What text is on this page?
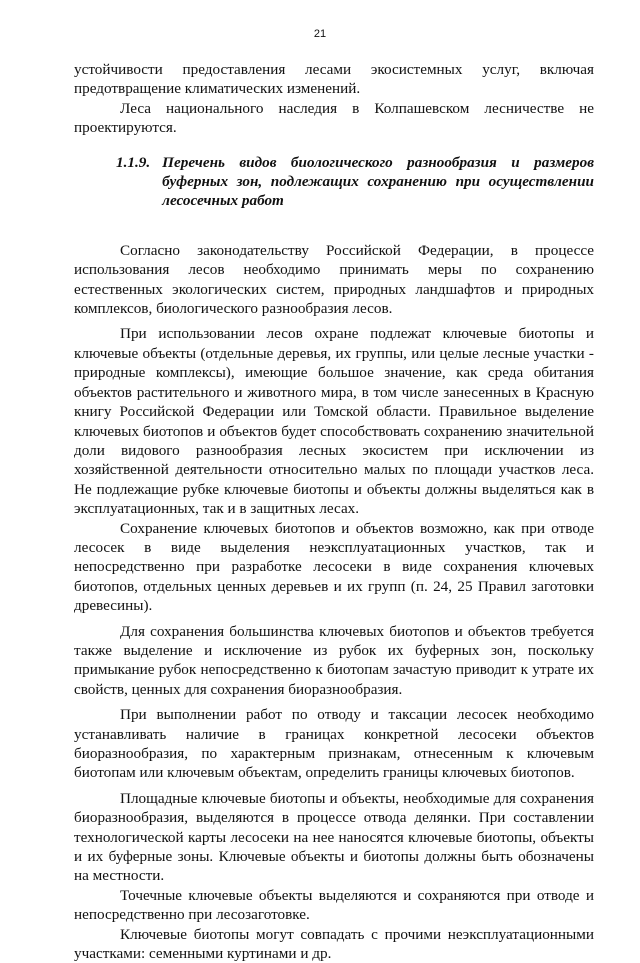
21

устойчивости предоставления лесами экосистемных услуг, включая предотвращение климатических изменений.

Леса национального наследия в Колпашевском лесничестве не проектируются.

1.1.9. Перечень видов биологического разнообразия и размеров буферных зон, подлежащих сохранению при осуществлении лесосечных работ

Согласно законодательству Российской Федерации, в процессе использования лесов необходимо принимать меры по сохранению естественных экологических систем, природных ландшафтов и природных комплексов, биологического разнообразия лесов.

При использовании лесов охране подлежат ключевые биотопы и ключевые объекты (отдельные деревья, их группы, или целые лесные участки - природные комплексы), имеющие большое значение, как среда обитания объектов растительного и животного мира, в том числе занесенных в Красную книгу Российской Федерации или Томской области. Правильное выделение ключевых биотопов и объектов будет способствовать сохранению значительной доли видового разнообразия лесных экосистем при исключении из хозяйственной деятельности относительно малых по площади участков леса. Не подлежащие рубке ключевые биотопы и объекты должны выделяться как в эксплуатационных, так и в защитных лесах.

Сохранение ключевых биотопов и объектов возможно, как при отводе лесосек в виде выделения неэксплуатационных участков, так и непосредственно при разработке лесосеки в виде сохранения ключевых биотопов, отдельных ценных деревьев и их групп (п. 24, 25 Правил заготовки древесины).

Для сохранения большинства ключевых биотопов и объектов требуется также выделение и исключение из рубок их буферных зон, поскольку примыкание рубок непосредственно к биотопам зачастую приводит к утрате их свойств, ценных для сохранения биоразнообразия.

При выполнении работ по отводу и таксации лесосек необходимо устанавливать наличие в границах конкретной лесосеки объектов биоразнообразия, по характерным признакам, отнесенным к ключевым биотопам или ключевым объектам, определить границы ключевых биотопов.

Площадные ключевые биотопы и объекты, необходимые для сохранения биоразнообразия, выделяются в процессе отвода делянки. При составлении технологической карты лесосеки на нее наносятся ключевые биотопы, объекты и их буферные зоны. Ключевые объекты и биотопы должны быть обозначены на местности.

Точечные ключевые объекты выделяются и сохраняются при отводе и непосредственно при лесозаготовке.

Ключевые биотопы могут совпадать с прочими неэксплуатационными участками: семенными куртинами и др.
